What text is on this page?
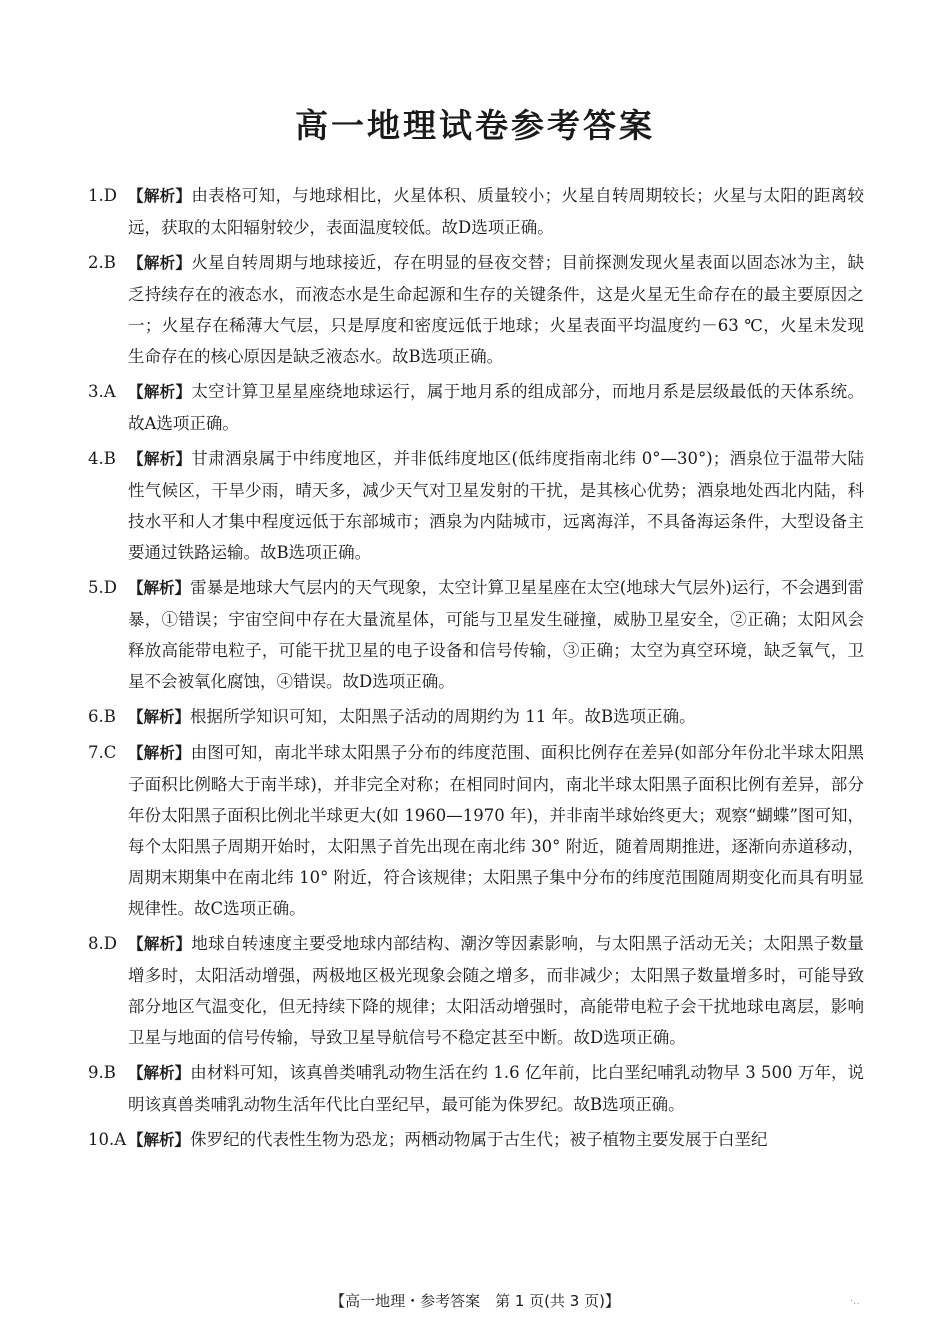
高一地理试卷参考答案
1.D 【解析】由表格可知，与地球相比，火星体积、质量较小；火星自转周期较长；火星与太阳的距离较远，获取的太阳辐射较少，表面温度较低。故D选项正确。
2.B 【解析】火星自转周期与地球接近，存在明显的昼夜交替；目前探测发现火星表面以固态冰为主，缺乏持续存在的液态水，而液态水是生命起源和生存的关键条件，这是火星无生命存在的最主要原因之一；火星存在稀薄大气层，只是厚度和密度远低于地球；火星表面平均温度约－63 ℃，火星未发现生命存在的核心原因是缺乏液态水。故B选项正确。
3.A 【解析】太空计算卫星星座绕地球运行，属于地月系的组成部分，而地月系是层级最低的天体系统。故A选项正确。
4.B 【解析】甘肃酒泉属于中纬度地区，并非低纬度地区(低纬度指南北纬 0°—30°)；酒泉位于温带大陆性气候区，干旱少雨，晴天多，减少天气对卫星发射的干扰，是其核心优势；酒泉地处西北内陆，科技水平和人才集中程度远低于东部城市；酒泉为内陆城市，远离海洋，不具备海运条件，大型设备主要通过铁路运输。故B选项正确。
5.D 【解析】雷暴是地球大气层内的天气现象，太空计算卫星星座在太空(地球大气层外)运行，不会遇到雷暴，①错误；宇宙空间中存在大量流星体，可能与卫星发生碰撞，威胁卫星安全，②正确；太阳风会释放高能带电粒子，可能干扰卫星的电子设备和信号传输，③正确；太空为真空环境，缺乏氧气，卫星不会被氧化腐蚀，④错误。故D选项正确。
6.B 【解析】根据所学知识可知，太阳黑子活动的周期约为 11 年。故B选项正确。
7.C 【解析】由图可知，南北半球太阳黑子分布的纬度范围、面积比例存在差异(如部分年份北半球太阳黑子面积比例略大于南半球)，并非完全对称；在相同时间内，南北半球太阳黑子面积比例有差异，部分年份太阳黑子面积比例北半球更大(如 1960—1970 年)，并非南半球始终更大；观察“蝴蝶”图可知，每个太阳黑子周期开始时，太阳黑子首先出现在南北纬 30° 附近，随着周期推进，逐渐向赤道移动，周期末期集中在南北纬 10° 附近，符合该规律；太阳黑子集中分布的纬度范围随周期变化而具有明显规律性。故C选项正确。
8.D 【解析】地球自转速度主要受地球内部结构、潮汐等因素影响，与太阳黑子活动无关；太阳黑子数量增多时，太阳活动增强，两极地区极光现象会随之增多，而非减少；太阳黑子数量增多时，可能导致部分地区气温变化，但无持续下降的规律；太阳活动增强时，高能带电粒子会干扰地球电离层，影响卫星与地面的信号传输，导致卫星导航信号不稳定甚至中断。故D选项正确。
9.B 【解析】由材料可知，该真兽类哺乳动物生活在约 1.6 亿年前，比白垩纪哺乳动物早 3 500 万年，说明该真兽类哺乳动物生活年代比白垩纪早，最可能为侏罗纪。故B选项正确。
10.A 【解析】侏罗纪的代表性生物为恐龙；两栖动物属于古生代；被子植物主要发展于白垩纪
【高一地理・参考答案　第 1 页(共 3 页)】	·..
